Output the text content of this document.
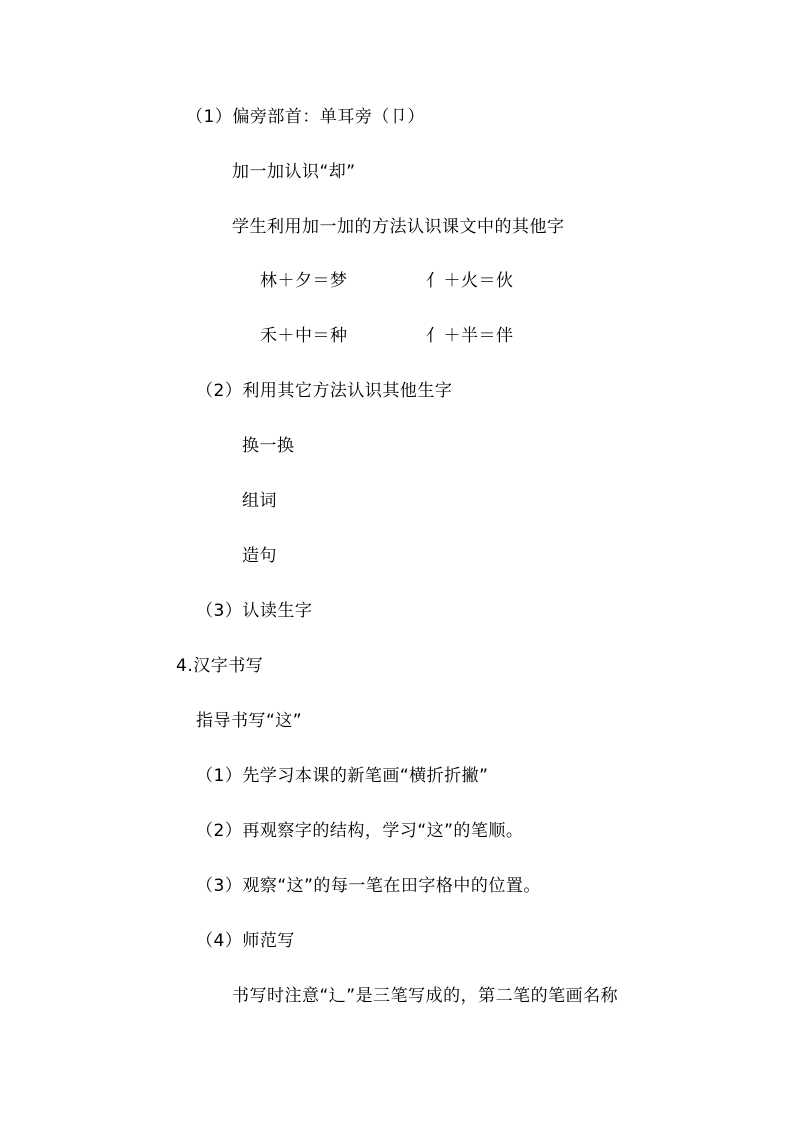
（1）偏旁部首：单耳旁（卩）
加一加认识“却”
学生利用加一加的方法认识课文中的其他字
林＋夕＝梦	亻＋火＝伙
禾＋中＝种	亻＋半＝伴
（2）利用其它方法认识其他生字
换一换
组词
造句
（3）认读生字
4.汉字书写
指导书写“这”
（1）先学习本课的新笔画“横折折撇”
（2）再观察字的结构，学习“这”的笔顺。
（3）观察“这”的每一笔在田字格中的位置。
（4）师范写
书写时注意“辶”是三笔写成的，第二笔的笔画名称
